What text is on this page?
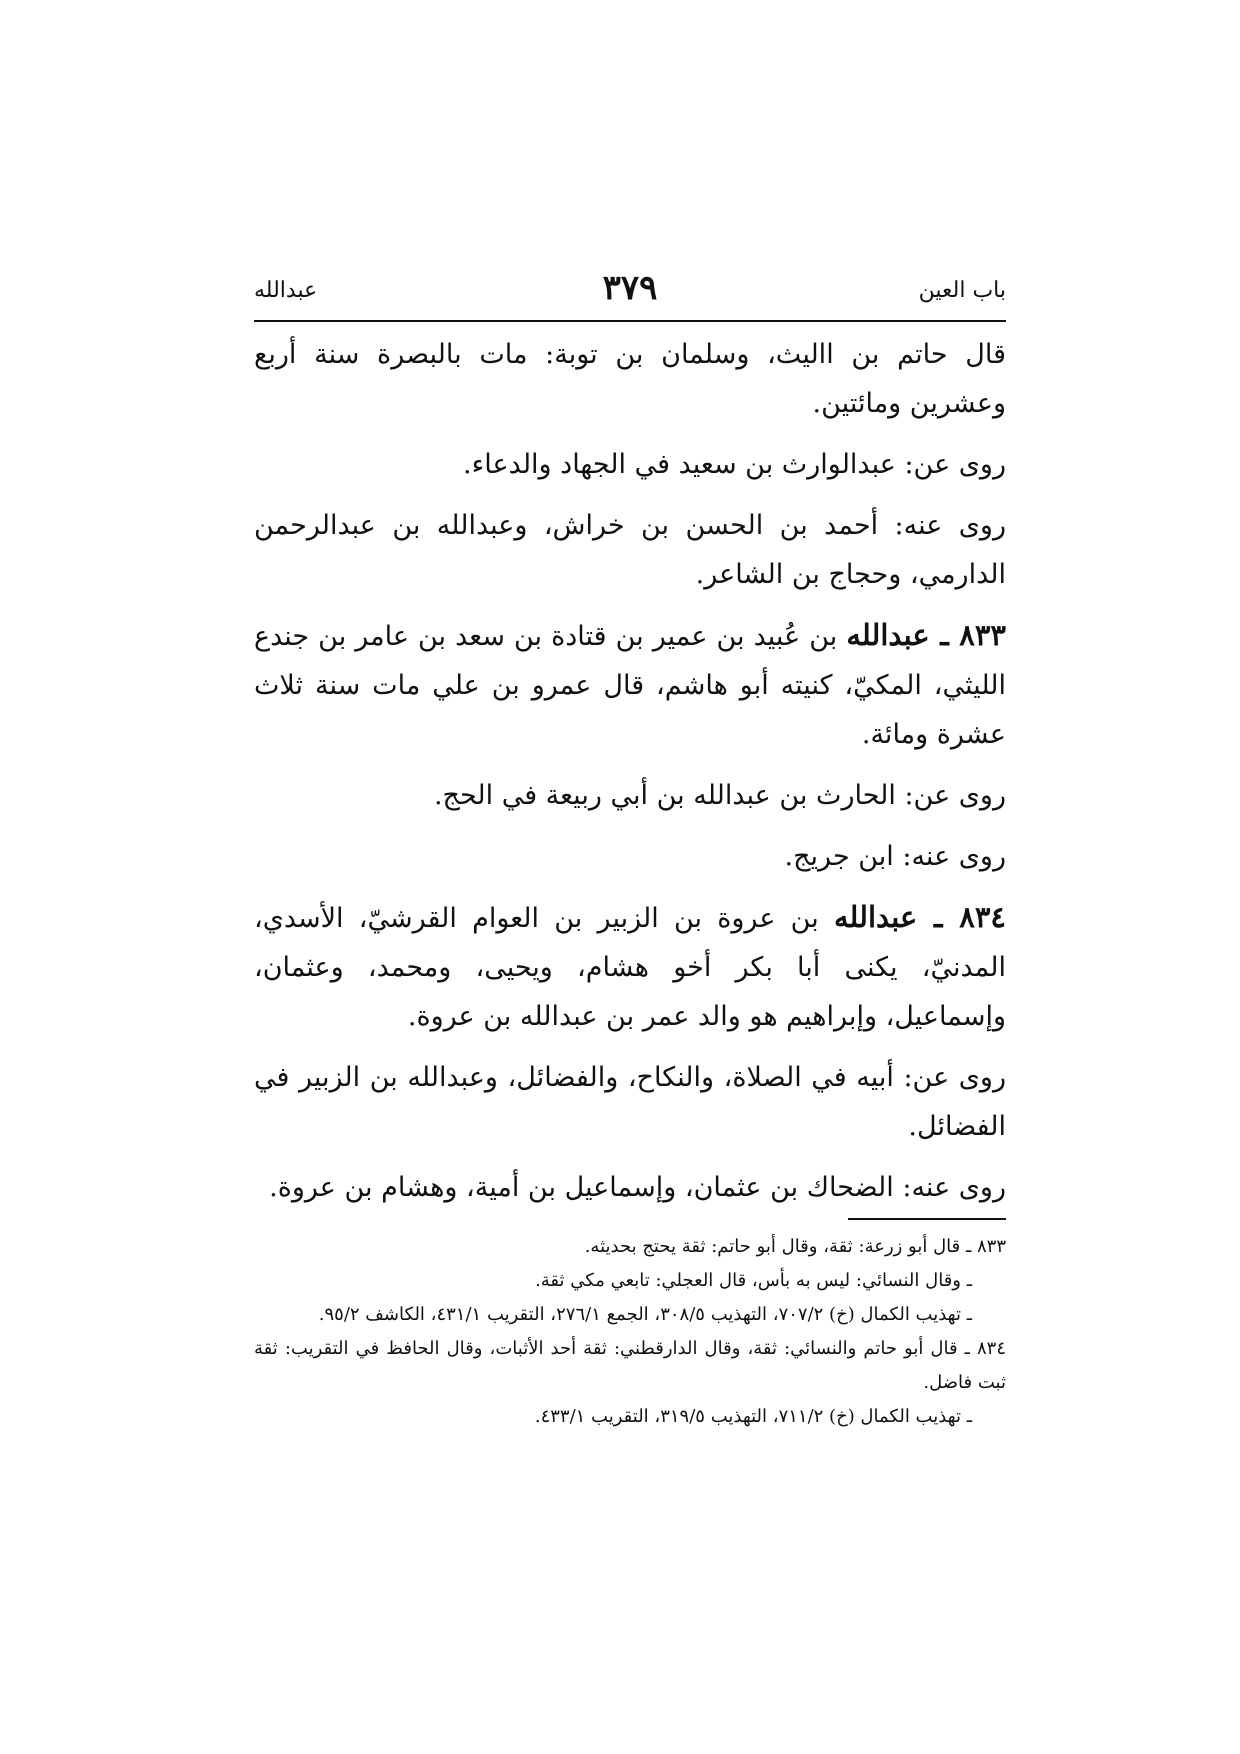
باب العين
٣٧٩
عبدالله

قال حاتم بن االيث، وسلمان بن توبة: مات بالبصرة سنة أربع وعشرين ومائتين.

روى عن: عبدالوارث بن سعيد في الجهاد والدعاء.

روى عنه: أحمد بن الحسن بن خراش، وعبدالله بن عبدالرحمن الدارمي، وحجاج بن الشاعر.

٨٣٣ ـ عبدالله بن عُبيد بن عمير بن قتادة بن سعد بن عامر بن جندع الليثي، المكيّ، كنيته أبو هاشم، قال عمرو بن علي مات سنة ثلاث عشرة ومائة.

روى عن: الحارث بن عبدالله بن أبي ربيعة في الحج.

روى عنه: ابن جريج.

٨٣٤ ـ عبدالله بن عروة بن الزبير بن العوام القرشيّ، الأسدي، المدنيّ، يكنى أبا بكر أخو هشام، ويحيى، ومحمد، وعثمان، وإسماعيل، وإبراهيم هو والد عمر بن عبدالله بن عروة.

روى عن: أبيه في الصلاة، والنكاح، والفضائل، وعبدالله بن الزبير في الفضائل.

روى عنه: الضحاك بن عثمان، وإسماعيل بن أمية، وهشام بن عروة.

٨٣٣ ـ قال أبو زرعة: ثقة، وقال أبو حاتم: ثقة يحتج بحديثه.

ـ وقال النسائي: ليس به بأس، قال العجلي: تابعي مكي ثقة.

ـ تهذيب الكمال (خ) ٧٠٧/٢، التهذيب ٣٠٨/٥، الجمع ٢٧٦/١، التقريب ٤٣١/١، الكاشف ٩٥/٢.

٨٣٤ ـ قال أبو حاتم والنسائي: ثقة، وقال الدارقطني: ثقة أحد الأثبات، وقال الحافظ في التقريب: ثقة ثبت فاضل.

ـ تهذيب الكمال (خ) ٧١١/٢، التهذيب ٣١٩/٥، التقريب ٤٣٣/١.
